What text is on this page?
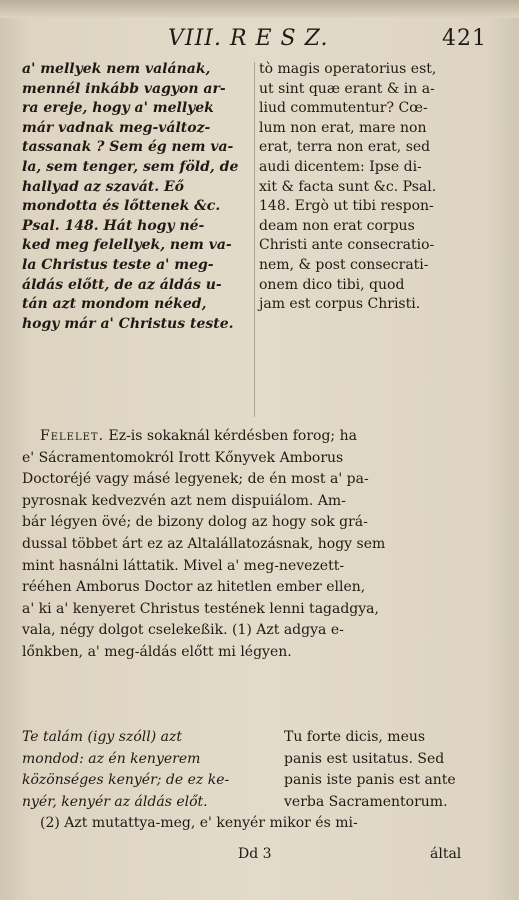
VIII. R E S Z.	421
a' mellyek nem valának,
mennél inkább vagyon ar-
ra ereje, hogy a' mellyek
már vadnak meg-változ-
tassanak ? Sem ég nem va-
la, sem tenger, sem föld, de
hallyad az szavát. Eő
mondotta és lőttenek &c.
Psal. 148. Hát hogy né-
ked meg felellyek, nem va-
la Christus teste a' meg-
áldás előtt, de az áldás u-
tán azt mondom néked,
hogy már a' Christus teste.
tò magis operatorius est,
ut sint quæ erant & in a-
liud commutentur? Cœ-
lum non erat, mare non
erat, terra non erat, sed
audi dicentem: Ipse di-
xit & facta sunt &c. Psal.
148. Ergò ut tibi respon-
deam non erat corpus
Christi ante consecratio-
nem, & post consecrati-
onem dico tibi, quod
jam est corpus Christi.
Felelet. Ez-is sokaknál kérdésben forog; ha
e' Sácramentomokról Irott Kőnyvek Amborus
Doctoréjé vagy másé legyenek; de én most a' pa-
pyrosnak kedvezvén azt nem dispuiálom. Am-
bár légyen övé; de bizony dolog az hogy sok grá-
dussal többet árt ez az Altalállatozásnak, hogy sem
mint hasnálni láttatik. Mivel a' meg-nevezett-
rééhen Amborus Doctor az hitetlen ember ellen,
a' ki a' kenyeret Christus testének lenni tagadgya,
vala, négy dolgot cselekeßik. (1) Azt adgya e-
lőnkben, a' meg-áldás előtt mi légyen.
Te talám (igy szóll) azt	Tu forte dicis, meus
mondod: az én kenyerem	panis est usitatus. Sed
közönséges kenyér; de ez ke-	panis iste panis est ante
nyér, kenyér az áldás előt.	verba Sacramentorum.
(2) Azt mutattya-meg, e' kenyér mikor és mi-
Dd 3	által
